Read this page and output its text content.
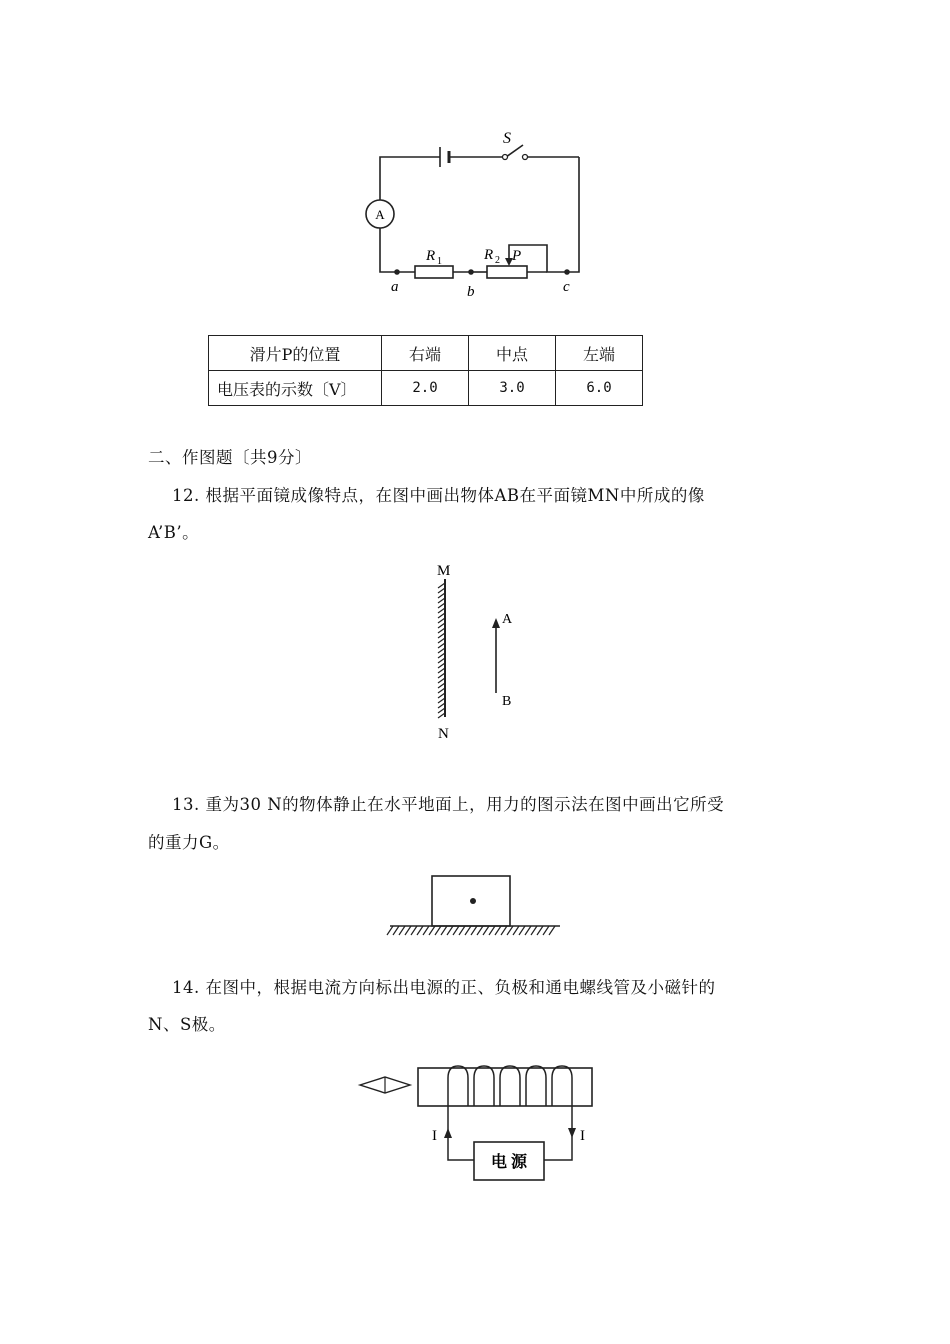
A
S
R 1	R 2 P
a	b	c
滑片P的位置	右端	中点	左端
电压表的示数〔V〕	2.0	3.0	6.0
二、作图题〔共9分〕
12. 根据平面镜成像特点，在图中画出物体AB在平面镜MN中所成的像
A’B’。
M
N
A
B
13. 重为30 N的物体静止在水平地面上，用力的图示法在图中画出它所受
的重力G。
14. 在图中，根据电流方向标出电源的正、负极和通电螺线管及小磁针的
N、S极。
I	I
电 源
